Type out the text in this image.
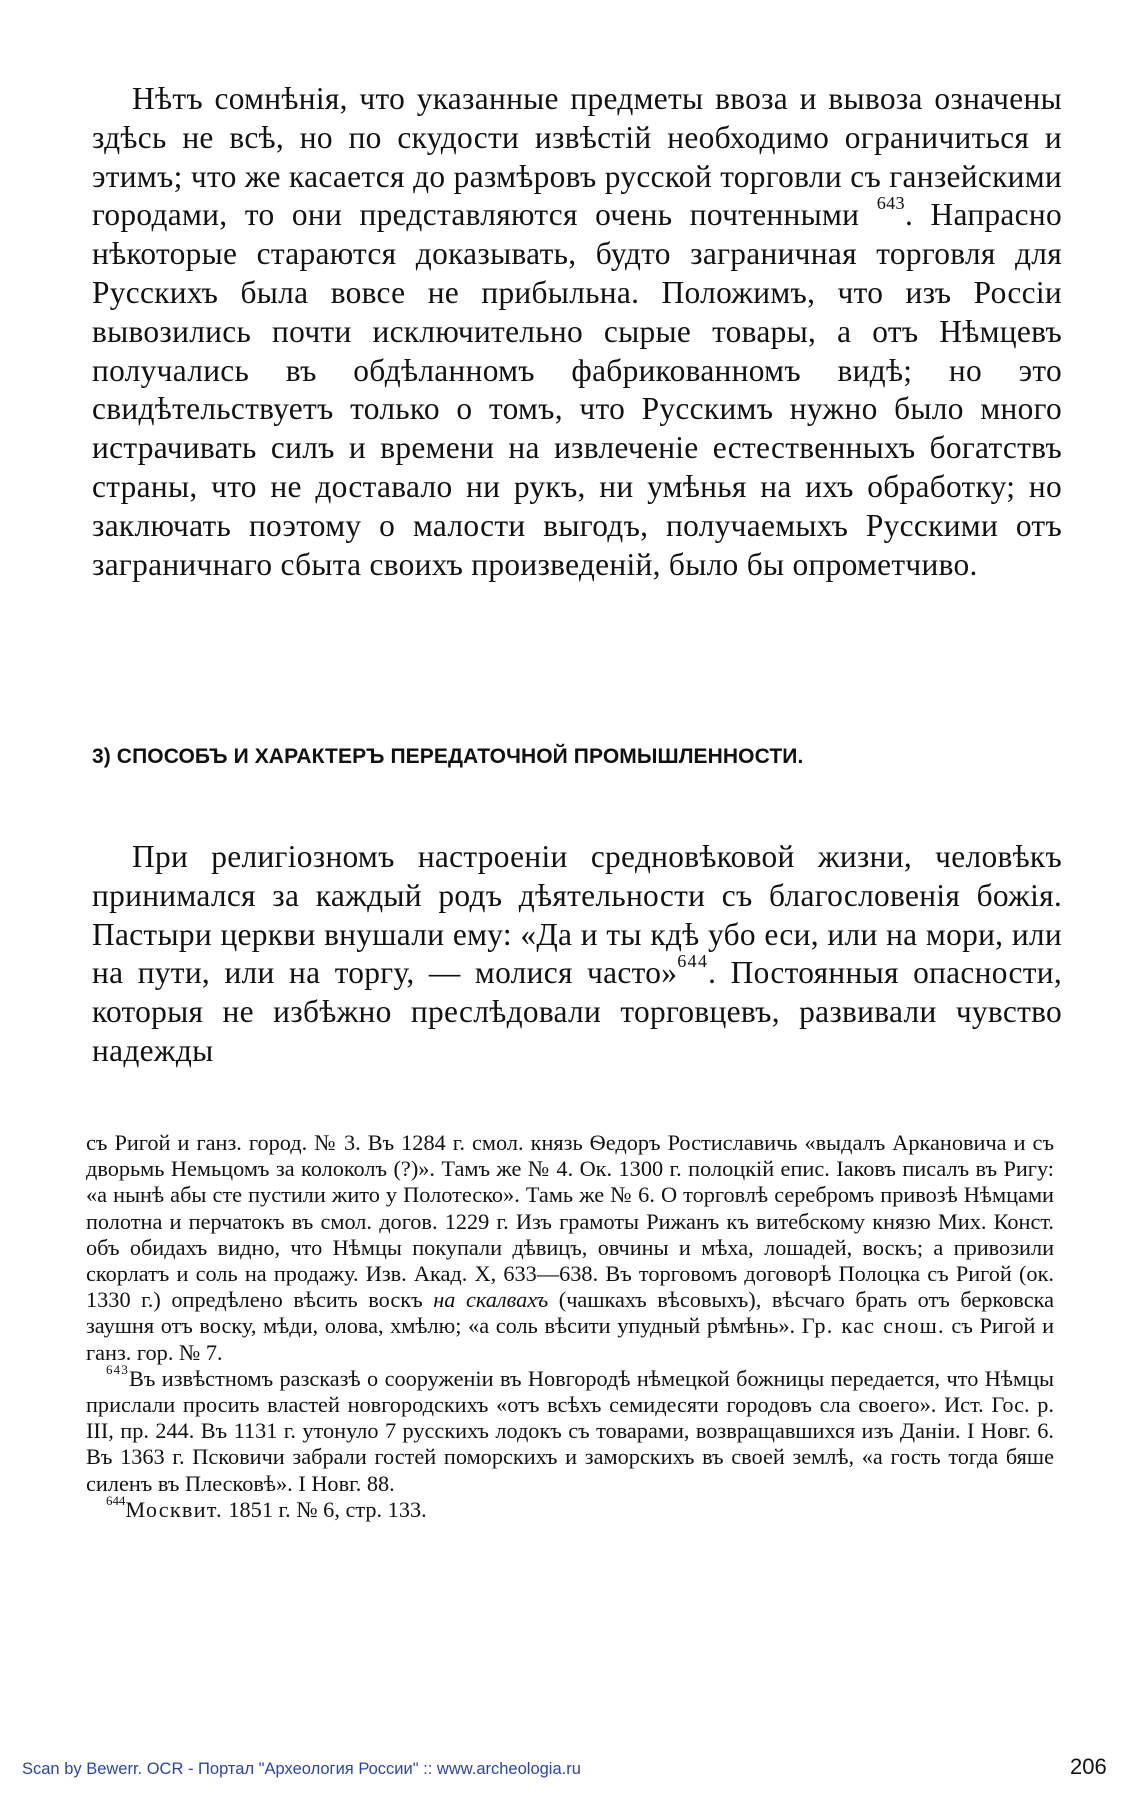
Нѣтъ сомнѣнія, что указанные предметы ввоза и вывоза означены здѣсь не всѣ, но по скудости извѣстій необходимо ограничиться и этимъ; что же касается до размѣровъ русской торговли съ ганзейскими городами, то они представляются очень почтенными $^{643}$. Напрасно нѣкоторые стараются доказывать, будто заграничная торговля для Русскихъ была вовсе не прибыльна. Положимъ, что изъ Россіи вывозились почти исключительно сырые товары, а отъ Нѣмцевъ получались въ обдѣланномъ фабрикованномъ видѣ; но это свидѣтельствуетъ только о томъ, что Русскимъ нужно было много истрачивать силъ и времени на извлеченіе естественныхъ богатствъ страны, что не доставало ни рукъ, ни умѣнья на ихъ обработку; но заключать поэтому о малости выгодъ, получаемыхъ Русскими отъ заграничнаго сбыта своихъ произведеній, было бы опрометчиво.

3) СПОСОБЪ И ХАРАКТЕРЪ ПЕРЕДАТОЧНОЙ ПРОМЫШЛЕННОСТИ.

При религіозномъ настроеніи средновѣковой жизни, человѣкъ принимался за каждый родъ дѣятельности съ благословенія божія. Пастыри церкви внушали ему: «Да и ты кдѣ убо еси, или на мори, или на пути, или на торгу, — молися часто»$^{644}$. Постоянныя опасности, которыя не избѣжно преслѣдовали торговцевъ, развивали чувство надежды

съ Ригой и ганз. город. № 3. Въ 1284 г. смол. князь Ѳедоръ Ростиславичь «выдалъ Аркановича и съ дворьмь Немьцомъ за колоколъ (?)». Тамъ же № 4. Ок. 1300 г. полоцкій епис. Іаковъ писалъ въ Ригу: «а нынѣ абы сте пустили жито у Полотеско». Тамь же № 6. О торговлѣ серебромъ привозѣ Нѣмцами полотна и перчатокъ въ смол. догов. 1229 г. Изъ грамоты Рижанъ къ витебскому князю Мих. Конст. объ обидахъ видно, что Нѣмцы покупали дѣвицъ, овчины и мѣха, лошадей, воскъ; а привозили скорлатъ и соль на продажу. Изв. Акад. X, 633—638. Въ торговомъ договорѣ Полоцка съ Ригой (ок. 1330 г.) опредѣлено вѣсить воскъ на скалвахъ (чашкахъ вѣсовыхъ), вѣсчаго брать отъ берковска заушня отъ воску, мѣди, олова, хмѣлю; «а соль вѣсити упудный рѣмѣнь». Гр. кас снош. съ Ригой и ганз. гор. № 7.

$^{643}$Въ извѣстномъ разсказѣ о сооруженіи въ Новгородѣ нѣмецкой божницы передается, что Нѣмцы прислали просить властей новгородскихъ «отъ всѣхъ семидесяти городовъ сла своего». Ист. Гос. р. III, пр. 244. Въ 1131 г. утонуло 7 русскихъ лодокъ съ товарами, возвращавшихся изъ Даніи. I Новг. 6. Въ 1363 г. Псковичи забрали гостей поморскихъ и заморскихъ въ своей землѣ, «а гость тогда бяше силенъ въ Плесковѣ». I Новг. 88.

$^{644}$Москвит. 1851 г. № 6, стр. 133.

Scan by Bewerr. OCR - Портал "Археология России" :: www.archeologia.ru	206
